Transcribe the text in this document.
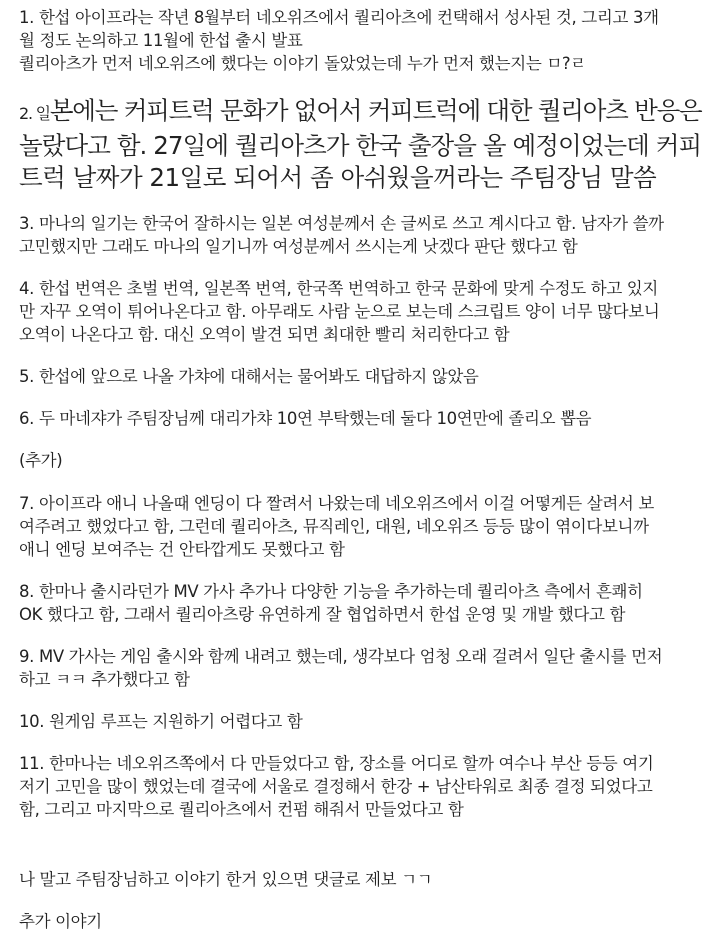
1. 한섭 아이프라는 작년 8월부터 네오위즈에서 퀄리아츠에 컨택해서 성사된 것, 그리고 3개
월 정도 논의하고 11월에 한섭 출시 발표
퀄리아츠가 먼저 네오위즈에 했다는 이야기 돌았었는데 누가 먼저 했는지는 ㅁ?ㄹ

2. 일본에는 커피트럭 문화가 없어서 커피트럭에 대한 퀄리아츠 반응은
놀랐다고 함. 27일에 퀄리아츠가 한국 출장을 올 예정이었는데 커피
트럭 날짜가 21일로 되어서 좀 아쉬웠을꺼라는 주팀장님 말씀

3. 마나의 일기는 한국어 잘하시는 일본 여성분께서 손 글씨로 쓰고 계시다고 함. 남자가 쓸까
고민했지만 그래도 마나의 일기니까 여성분께서 쓰시는게 낫겠다 판단 했다고 함

4. 한섭 번역은 초벌 번역, 일본쪽 번역, 한국쪽 번역하고 한국 문화에 맞게 수정도 하고 있지
만 자꾸 오역이 튀어나온다고 함. 아무래도 사람 눈으로 보는데 스크립트 양이 너무 많다보니
오역이 나온다고 함. 대신 오역이 발견 되면 최대한 빨리 처리한다고 함

5. 한섭에 앞으로 나올 가챠에 대해서는 물어봐도 대답하지 않았음

6. 두 마네쟈가 주팀장님께 대리가챠 10연 부탁했는데 둘다 10연만에 졸리오 뽑음

(추가)

7. 아이프라 애니 나올때 엔딩이 다 짤려서 나왔는데 네오위즈에서 이걸 어떻게든 살려서 보
여주려고 했었다고 함, 그런데 퀄리아츠, 뮤직레인, 대원, 네오위즈 등등 많이 엮이다보니까
애니 엔딩 보여주는 건 안타깝게도 못했다고 함

8. 한마나 출시라던가 MV 가사 추가나 다양한 기능을 추가하는데 퀄리아츠 측에서 흔쾌히
OK 했다고 함, 그래서 퀄리아츠랑 유연하게 잘 협업하면서 한섭 운영 및 개발 했다고 함

9. MV 가사는 게임 출시와 함께 내려고 했는데, 생각보다 엄청 오래 걸려서 일단 출시를 먼저
하고 ㅋㅋ 추가했다고 함

10. 원게임 루프는 지원하기 어렵다고 함

11. 한마나는 네오위즈쪽에서 다 만들었다고 함, 장소를 어디로 할까 여수나 부산 등등 여기
저기 고민을 많이 했었는데 결국에 서울로 결정해서 한강 + 남산타워로 최종 결정 되었다고
함, 그리고 마지막으로 퀄리아츠에서 컨펌 해줘서 만들었다고 함

나 말고 주팀장님하고 이야기 한거 있으면 댓글로 제보 ㄱㄱ

추가 이야기
